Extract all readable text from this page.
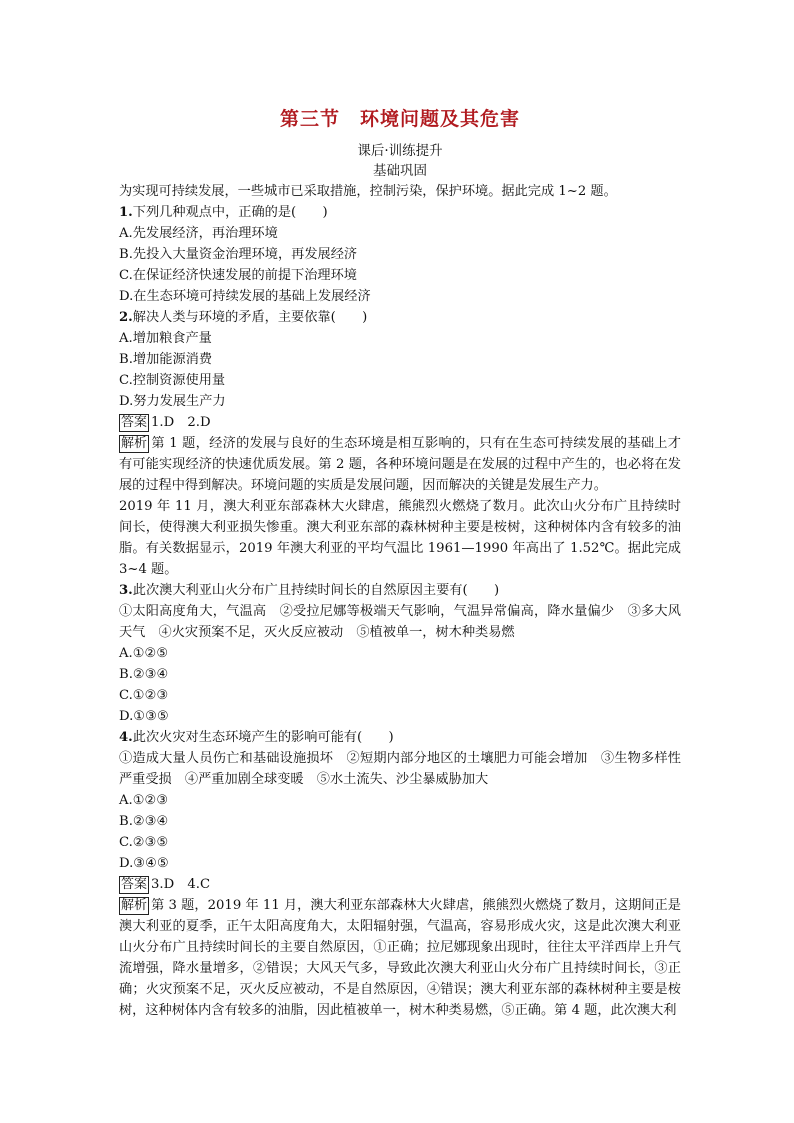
第三节　环境问题及其危害
课后·训练提升
基础巩固
为实现可持续发展，一些城市已采取措施，控制污染，保护环境。据此完成 1~2 题。
1.下列几种观点中，正确的是(　　)
A.先发展经济，再治理环境
B.先投入大量资金治理环境，再发展经济
C.在保证经济快速发展的前提下治理环境
D.在生态环境可持续发展的基础上发展经济
2.解决人类与环境的矛盾，主要依靠(　　)
A.增加粮食产量
B.增加能源消费
C.控制资源使用量
D.努力发展生产力
答案 1.D　2.D
解析 第 1 题，经济的发展与良好的生态环境是相互影响的，只有在生态可持续发展的基础上才有可能实现经济的快速优质发展。第 2 题，各种环境问题是在发展的过程中产生的，也必将在发展的过程中得到解决。环境问题的实质是发展问题，因而解决的关键是发展生产力。
2019 年 11 月，澳大利亚东部森林大火肆虐，熊熊烈火燃烧了数月。此次山火分布广且持续时间长，使得澳大利亚损失惨重。澳大利亚东部的森林树种主要是桉树，这种树体内含有较多的油脂。有关数据显示，2019 年澳大利亚的平均气温比 1961—1990 年高出了 1.52℃。据此完成 3~4 题。
3.此次澳大利亚山火分布广且持续时间长的自然原因主要有(　　)
①太阳高度角大，气温高　②受拉尼娜等极端天气影响，气温异常偏高，降水量偏少　③多大风天气　④火灾预案不足，灭火反应被动　⑤植被单一，树木种类易燃
A.①②⑤
B.②③④
C.①②③
D.①③⑤
4.此次火灾对生态环境产生的影响可能有(　　)
①造成大量人员伤亡和基础设施损坏　②短期内部分地区的土壤肥力可能会增加　③生物多样性严重受损　④严重加剧全球变暖　⑤水土流失、沙尘暴威胁加大
A.①②③
B.②③④
C.②③⑤
D.③④⑤
答案 3.D　4.C
解析 第 3 题，2019 年 11 月，澳大利亚东部森林大火肆虐，熊熊烈火燃烧了数月，这期间正是澳大利亚的夏季，正午太阳高度角大，太阳辐射强，气温高，容易形成火灾，这是此次澳大利亚山火分布广且持续时间长的主要自然原因，①正确；拉尼娜现象出现时，往往太平洋西岸上升气流增强，降水量增多，②错误；大风天气多，导致此次澳大利亚山火分布广且持续时间长，③正确；火灾预案不足，灭火反应被动，不是自然原因，④错误；澳大利亚东部的森林树种主要是桉树，这种树体内含有较多的油脂，因此植被单一，树木种类易燃，⑤正确。第 4 题，此次澳大利
